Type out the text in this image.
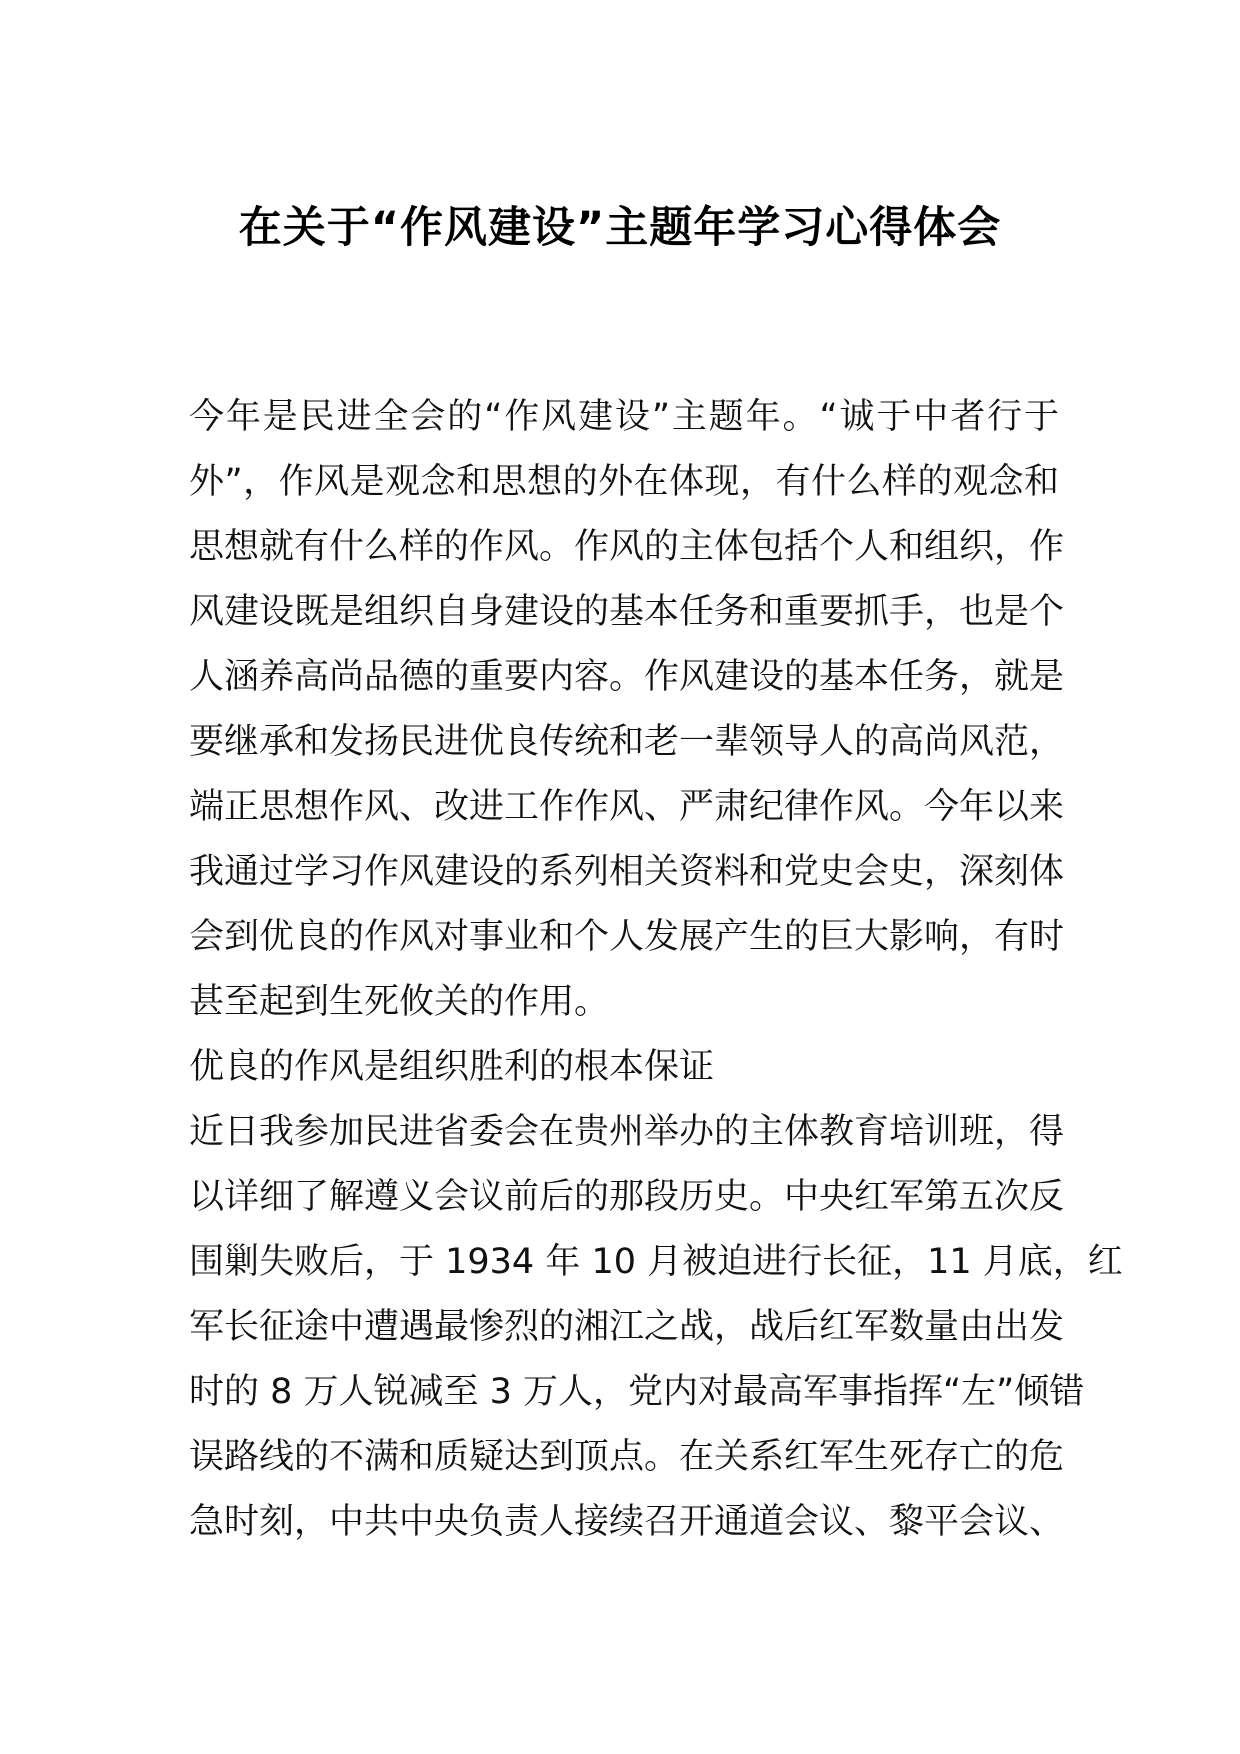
在关于“作风建设”主题年学习心得体会
今年是民进全会的“作风建设”主题年。“诚于中者行于
外”，作风是观念和思想的外在体现，有什么样的观念和
思想就有什么样的作风。作风的主体包括个人和组织，作
风建设既是组织自身建设的基本任务和重要抓手，也是个
人涵养高尚品德的重要内容。作风建设的基本任务，就是
要继承和发扬民进优良传统和老一辈领导人的高尚风范，
端正思想作风、改进工作作风、严肃纪律作风。今年以来
我通过学习作风建设的系列相关资料和党史会史，深刻体
会到优良的作风对事业和个人发展产生的巨大影响，有时
甚至起到生死攸关的作用。
优良的作风是组织胜利的根本保证
近日我参加民进省委会在贵州举办的主体教育培训班，得
以详细了解遵义会议前后的那段历史。中央红军第五次反
围剿失败后，于 1934 年 10 月被迫进行长征，11 月底，红
军长征途中遭遇最惨烈的湘江之战，战后红军数量由出发
时的 8 万人锐减至 3 万人，党内对最高军事指挥“左”倾错
误路线的不满和质疑达到顶点。在关系红军生死存亡的危
急时刻，中共中央负责人接续召开通道会议、黎平会议、
